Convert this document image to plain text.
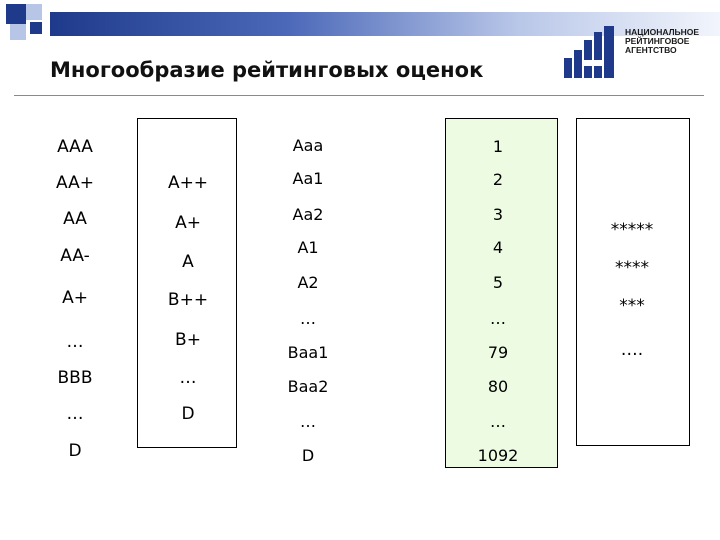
Многообразие рейтинговых оценок
НАЦИОНАЛЬНОЕ
РЕЙТИНГОВОЕ
АГЕНТСТВО
AAA
AA+
AA
AA-
A+
…
BBB
…
D
A++
A+
A
B++
B+
…
D
Aaa
Aa1
Aa2
A1
A2
…
Baa1
Baa2
…
D
1
2
3
4
5
…
79
80
…
1092
*****
****
***
….
